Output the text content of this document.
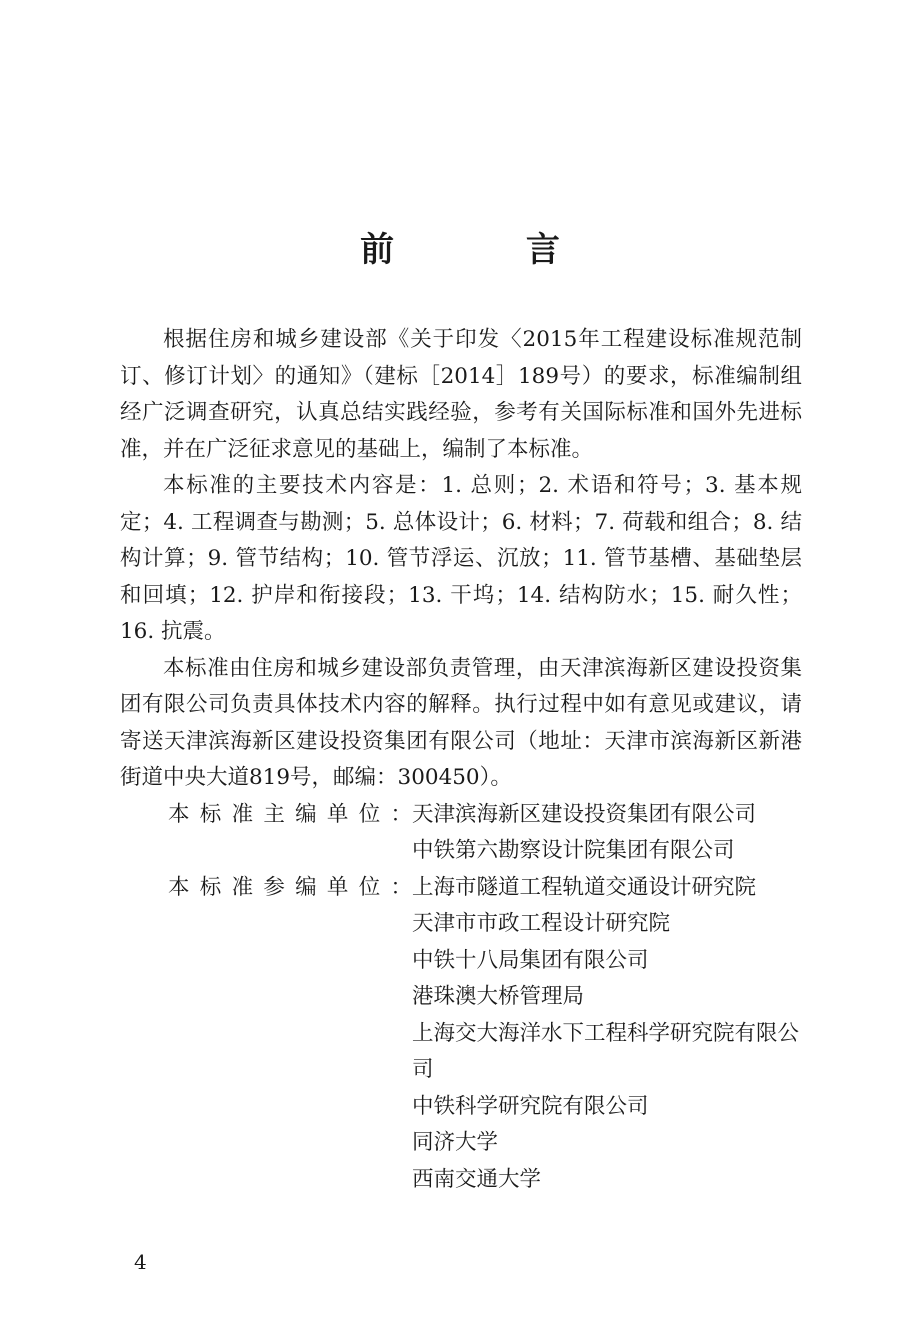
前 言

根据住房和城乡建设部《关于印发〈2015年工程建设标准规范制订、修订计划〉的通知》（建标［2014］189号）的要求，标准编制组经广泛调查研究，认真总结实践经验，参考有关国际标准和国外先进标准，并在广泛征求意见的基础上，编制了本标准。

本标准的主要技术内容是：1. 总则；2. 术语和符号；3. 基本规定；4. 工程调查与勘测；5. 总体设计；6. 材料；7. 荷载和组合；8. 结构计算；9. 管节结构；10. 管节浮运、沉放；11. 管节基槽、基础垫层和回填；12. 护岸和衔接段；13. 干坞；14. 结构防水；15. 耐久性；16. 抗震。

本标准由住房和城乡建设部负责管理，由天津滨海新区建设投资集团有限公司负责具体技术内容的解释。执行过程中如有意见或建议，请寄送天津滨海新区建设投资集团有限公司（地址：天津市滨海新区新港街道中央大道819号，邮编：300450）。

本标准主编单位： 天津滨海新区建设投资集团有限公司
中铁第六勘察设计院集团有限公司
本标准参编单位： 上海市隧道工程轨道交通设计研究院
天津市市政工程设计研究院
中铁十八局集团有限公司
港珠澳大桥管理局
上海交大海洋水下工程科学研究院有限公司
中铁科学研究院有限公司
同济大学
西南交通大学
4
